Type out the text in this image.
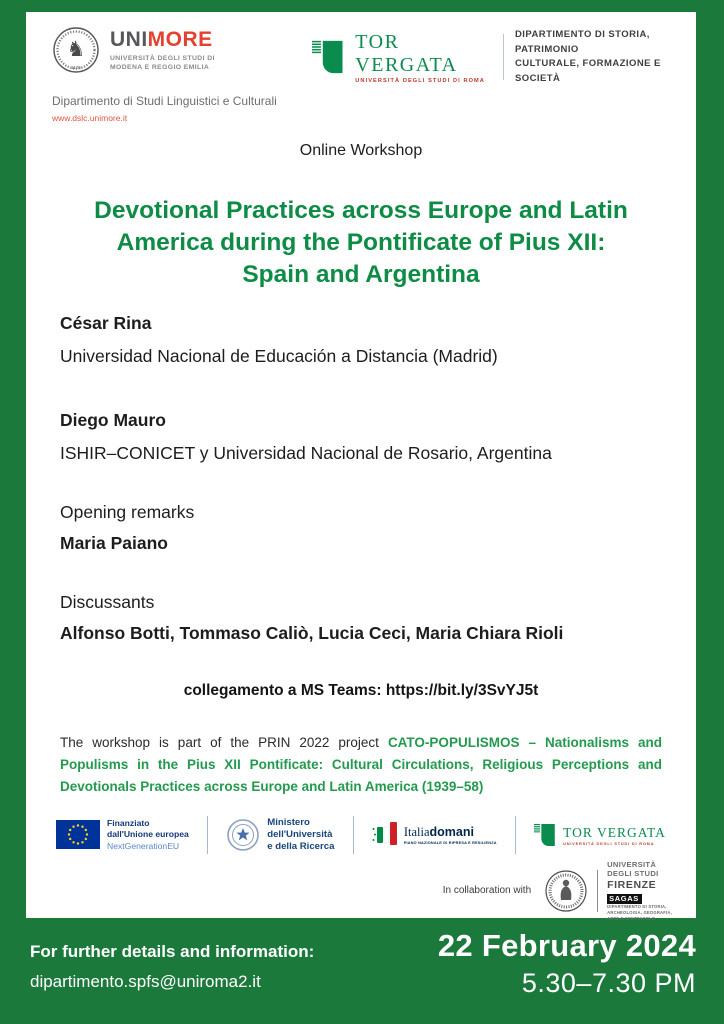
♞
1175
UNIMORE
UNIVERSITÀ DEGLI STUDI DI
MODENA E REGGIO EMILIA
Dipartimento di Studi Linguistici e Culturali
www.dslc.unimore.it
TOR VERGATA
UNIVERSITÀ DEGLI STUDI DI ROMA
DIPARTIMENTO DI STORIA, PATRIMONIO
CULTURALE, FORMAZIONE E SOCIETÀ
Online Workshop
Devotional Practices across Europe and Latin
America during the Pontificate of Pius XII:
Spain and Argentina
César Rina
Universidad Nacional de Educación a Distancia (Madrid)
Diego Mauro
ISHIR–CONICET y Universidad Nacional de Rosario, Argentina
Opening remarks
Maria Paiano
Discussants
Alfonso Botti, Tommaso Caliò, Lucia Ceci, Maria Chiara Rioli
collegamento a MS Teams: https://bit.ly/3SvYJ5t
The workshop is part of the PRIN 2022 project CATO-POPULISMOS – Nationalisms and Populisms in the Pius XII Pontificate: Cultural Circulations, Religious Perceptions and Devotionals Practices across Europe and Latin America (1939–58)
Finanziato
dall'Unione europea
NextGenerationEU
Ministero
dell'Università
e della Ricerca
Italiadomani
PIANO NAZIONALE DI RIPRESA E RESILIENZA
TOR VERGATA
UNIVERSITÀ DEGLI STUDI DI ROMA
In collaboration with
UNIVERSITÀ
DEGLI STUDI
FIRENZE
SAGAS
DIPARTIMENTO DI STORIA,
ARCHEOLOGIA, GEOGRAFIA,
ARTE E SPETTACOLO
For further details and information:
dipartimento.spfs@uniroma2.it
22 February 2024
5.30–7.30 PM
